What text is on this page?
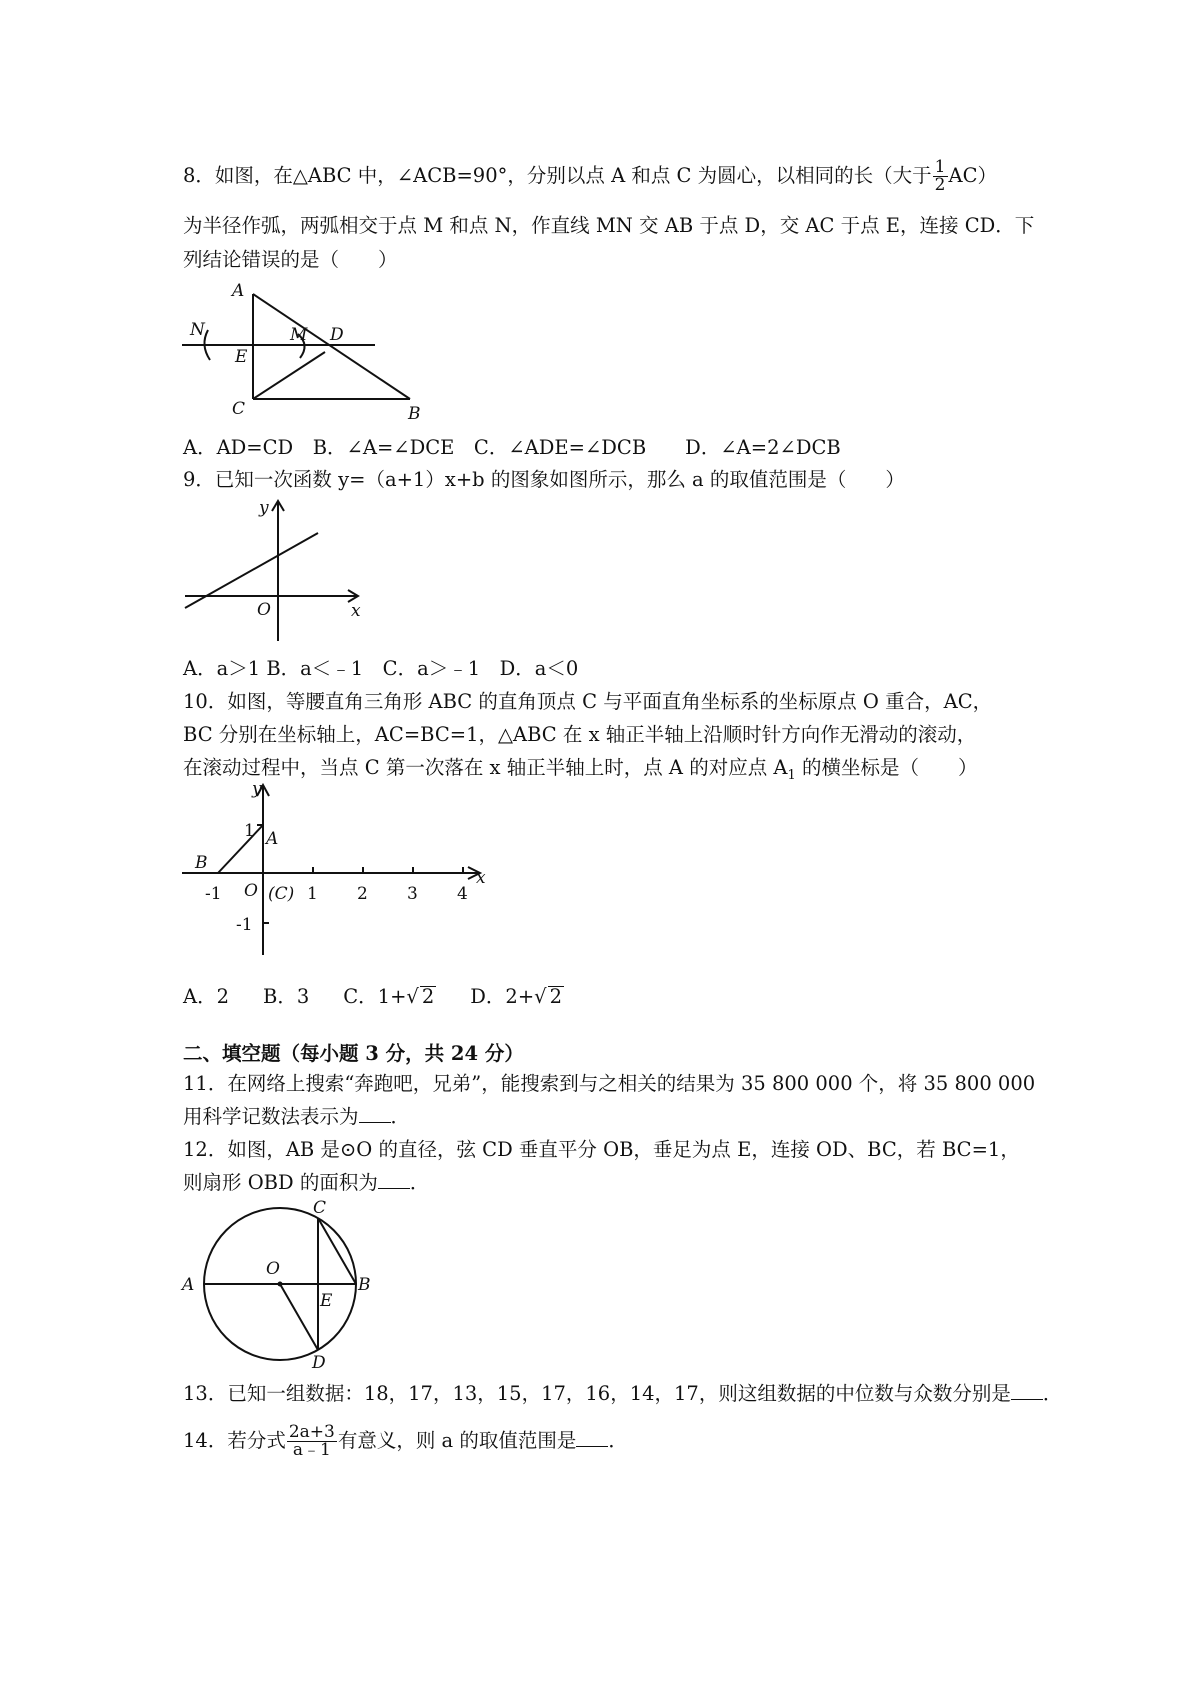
8．如图，在△ABC 中，∠ACB=90°，分别以点 A 和点 C 为圆心，以相同的长（大于 $\frac{1}{2} AC$）
为半径作弧，两弧相交于点 M 和点 N，作直线 MN 交 AB 于点 D，交 AC 于点 E，连接 CD．下
列结论错误的是（　　）
A
N
E
M D
C	B
A．AD=CD　B．∠A=∠DCE　C．∠ADE=∠DCB　　D．∠A=2∠DCB
9．已知一次函数 y=（a+1）x+b 的图象如图所示，那么 a 的取值范围是（　　）
y
x
O
A．a＞1 B．a＜﹣1　C．a＞﹣1　D．a＜0
10．如图，等腰直角三角形 ABC 的直角顶点 C 与平面直角坐标系的坐标原点 O 重合，AC，
BC 分别在坐标轴上，AC=BC=1，△ABC 在 x 轴正半轴上沿顺时针方向作无滑动的滚动，
在滚动过程中，当点 C 第一次落在 x 轴正半轴上时，点 A 的对应点 $A_1$ 的横坐标是（　　）
y
x
1 A
B
O (C)
-1	1 2 3 4
-1
A．2 B．3 C．1+√ 2 D．2+√ 2
二、填空题（每小题 3 分，共 24 分）
11．在网络上搜索“奔跑吧，兄弟”，能搜索到与之相关的结果为 35 800 000 个，将 35 800 000
用科学记数法表示为 ．
12．如图，AB 是⊙O 的直径，弦 CD 垂直平分 OB，垂足为点 E，连接 OD、BC，若 BC=1，
则扇形 OBD 的面积为 ．
C
A
O
E
B
D
13．已知一组数据：18，17，13，15，17，16，14，17，则这组数据的中位数与众数分别是 ．
14．若分式 $\frac{2a+3}{a﹣1}$ 有意义，则 a 的取值范围是 ．
